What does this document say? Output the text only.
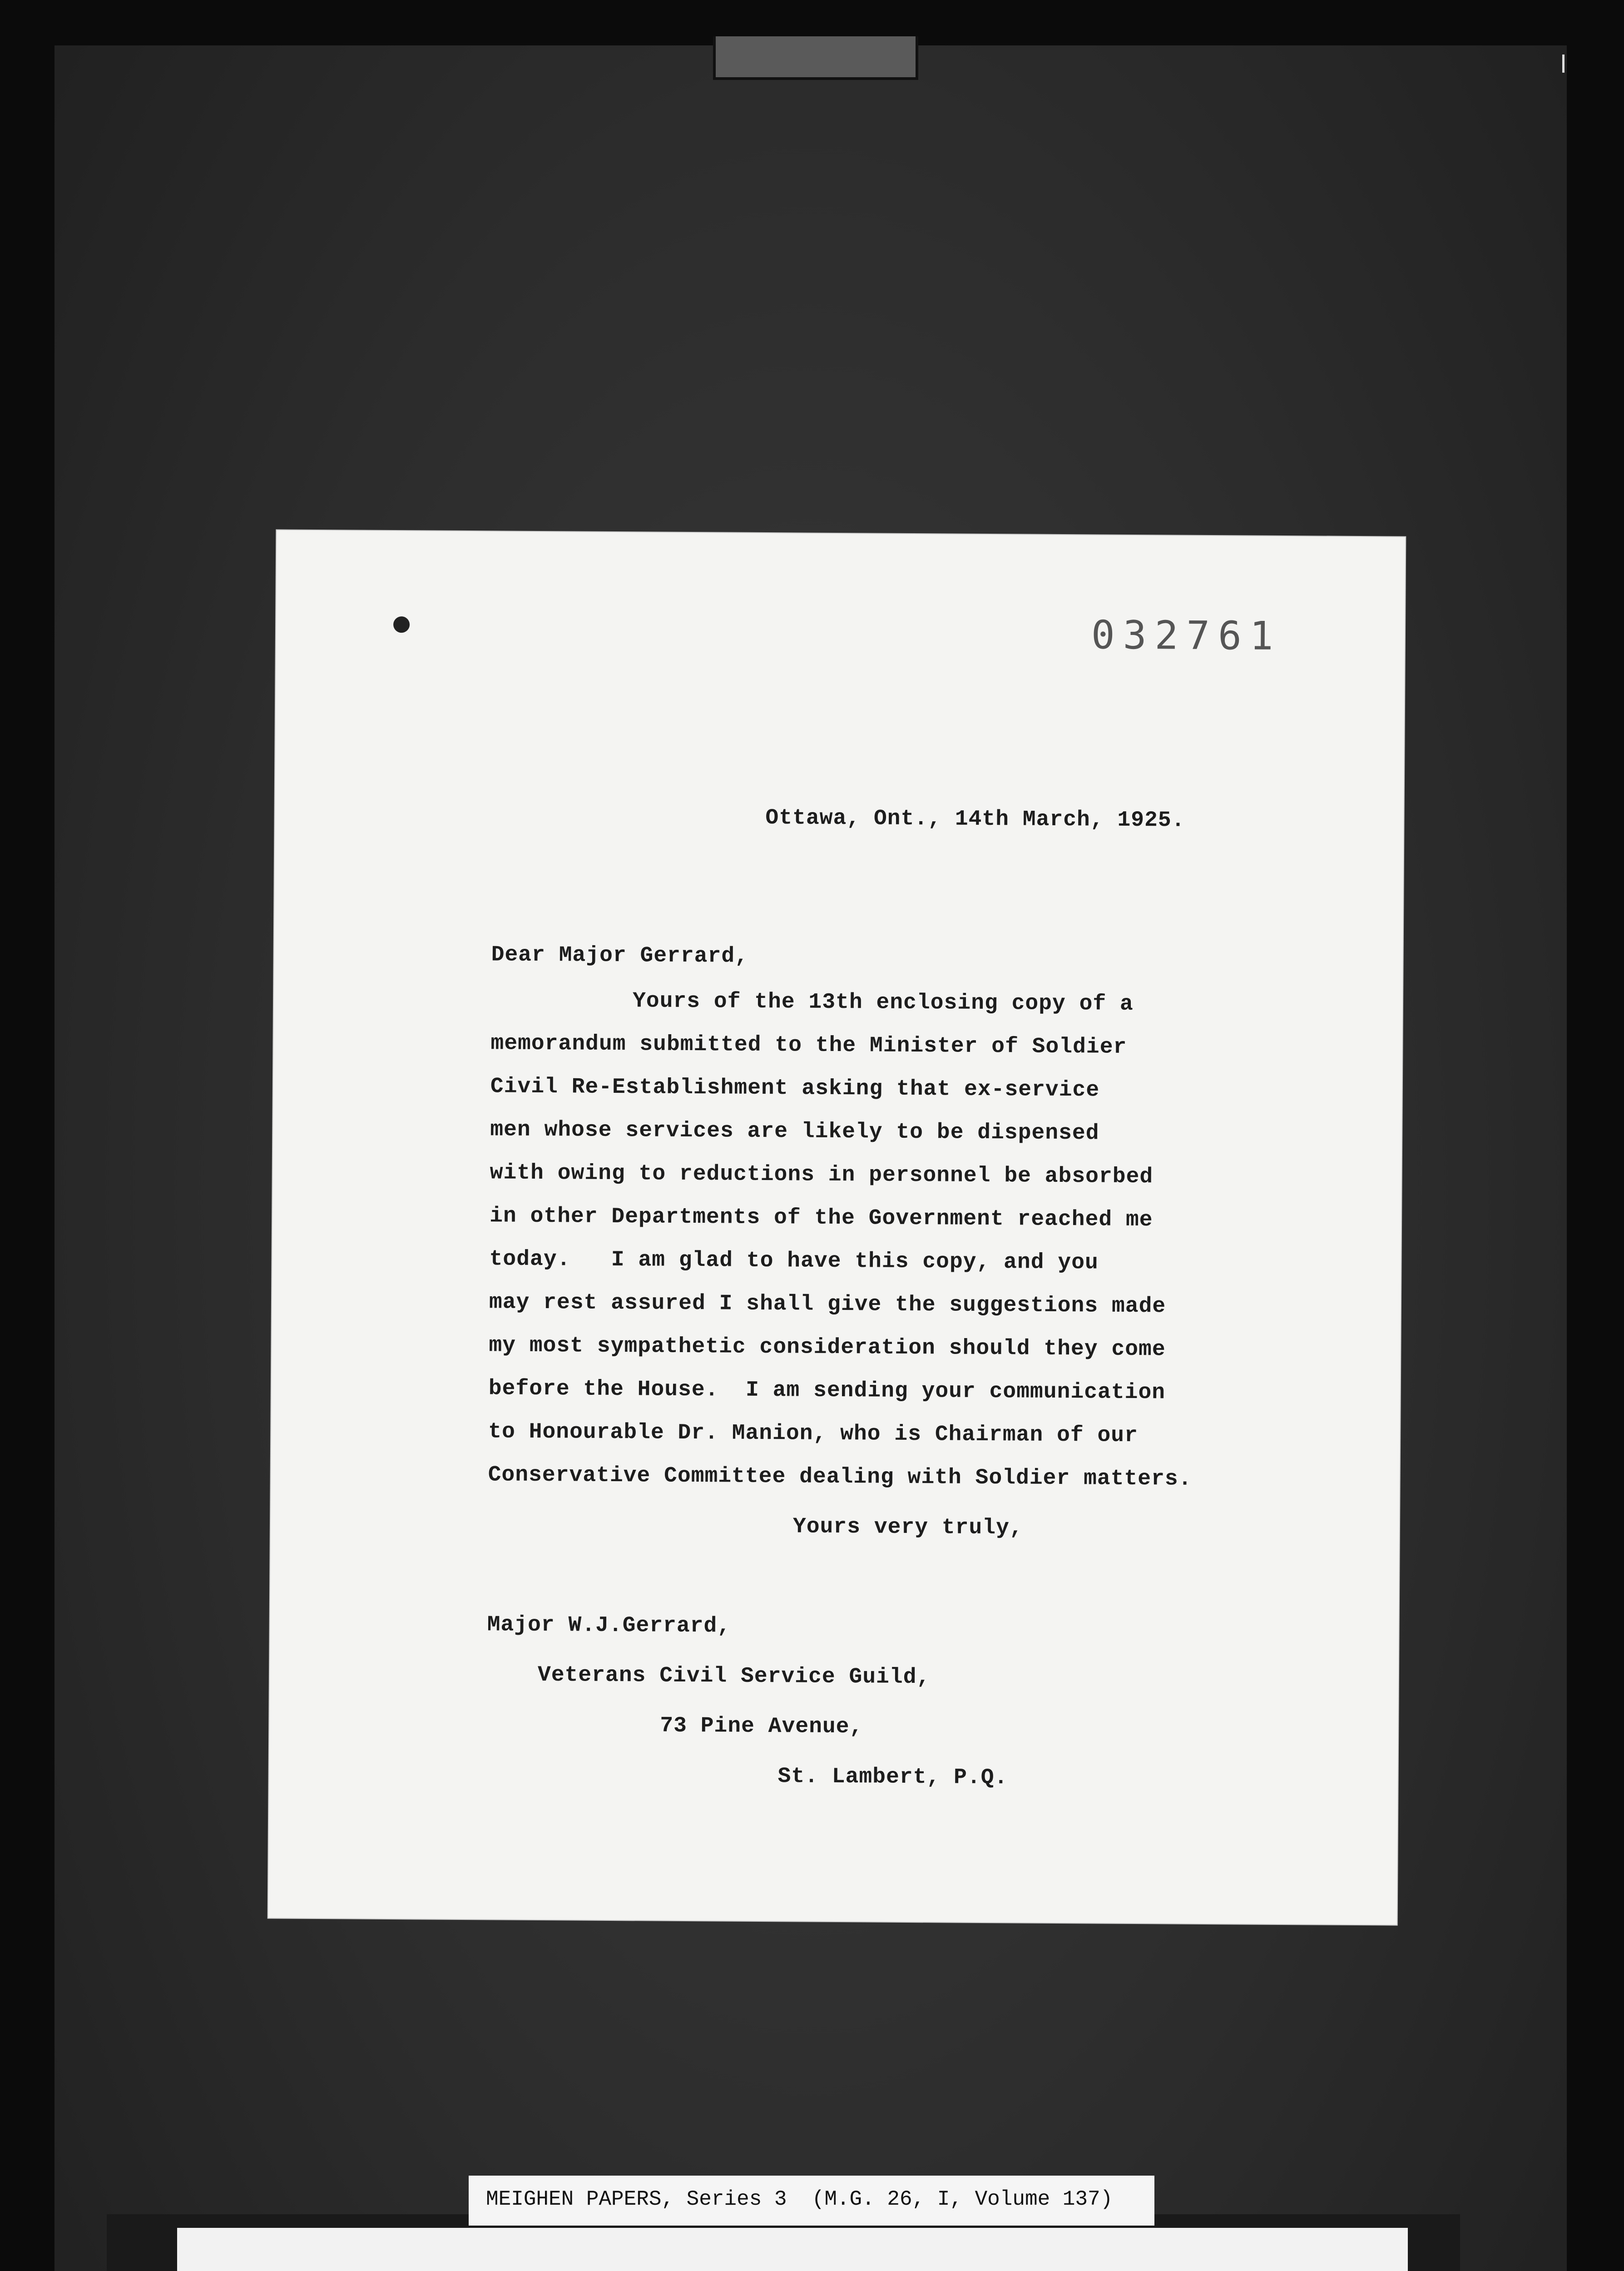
032761
Ottawa, Ont., 14th March, 1925.
Dear Major Gerrard,
Yours of the 13th enclosing copy of a
memorandum submitted to the Minister of Soldier
Civil Re-Establishment asking that ex-service
men whose services are likely to be dispensed
with owing to reductions in personnel be absorbed
in other Departments of the Government reached me
today.   I am glad to have this copy, and you
may rest assured I shall give the suggestions made
my most sympathetic consideration should they come
before the House.  I am sending your communication
to Honourable Dr. Manion, who is Chairman of our
Conservative Committee dealing with Soldier matters.
Yours very truly,
Major W.J.Gerrard,
Veterans Civil Service Guild,
73 Pine Avenue,
St. Lambert, P.Q.
MEIGHEN PAPERS, Series 3  (M.G. 26, I, Volume 137)
